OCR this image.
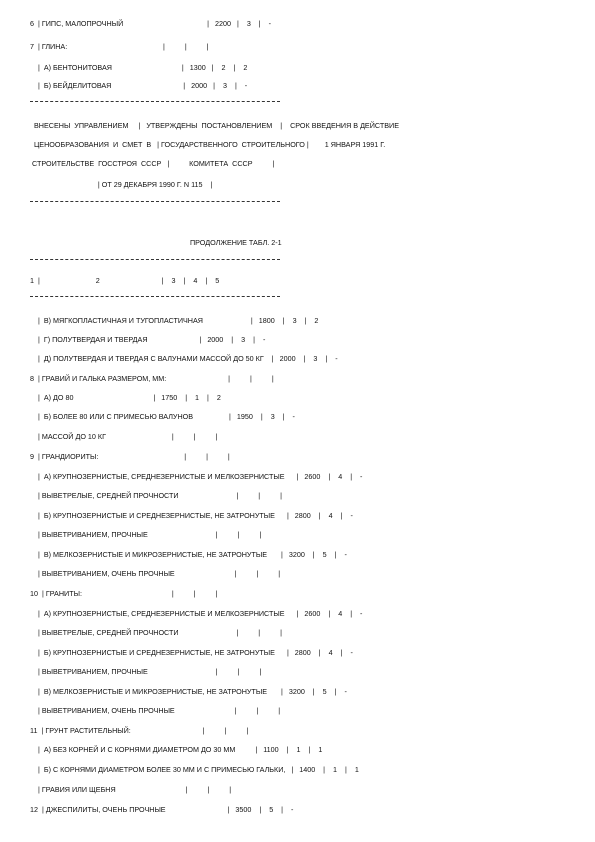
6  | ГИПС, МАЛОПРОЧНЫЙ                                          |   2200   |    3    |    -
7  | ГЛИНА:                                                |          |          |
|  А) БЕНТОНИТОВАЯ                                   |   1300   |    2    |    2
|  Б) БЕЙДЕЛИТОВАЯ                                    |   2000   |    3    |    -
ВНЕСЕНЫ  УПРАВЛЕНИЕМ     |   УТВЕРЖДЕНЫ  ПОСТАНОВЛЕНИЕМ    |    СРОК ВВЕДЕНИЯ В ДЕЙСТВИЕ
ЦЕНООБРАЗОВАНИЯ  И  СМЕТ  В   | ГОСУДАРСТВЕННОГО  СТРОИТЕЛЬНОГО |        1 ЯНВАРЯ 1991 Г.
СТРОИТЕЛЬСТВЕ  ГОССТРОЯ  СССР   |          КОМИТЕТА  СССР          |
| ОТ 29 ДЕКАБРЯ 1990 Г. N 115    |
ПРОДОЛЖЕНИЕ ТАБЛ. 2-1
1  |                            2                               |    3    |    4    |    5
|  В) МЯГКОПЛАСТИЧНАЯ И ТУГОПЛАСТИЧНАЯ                        |   1800    |    3    |    2
|  Г) ПОЛУТВЕРДАЯ И ТВЕРДАЯ                          |   2000    |    3    |    -
|  Д) ПОЛУТВЕРДАЯ И ТВЕРДАЯ С ВАЛУНАМИ МАССОЙ ДО 50 КГ    |   2000    |    3    |    -
8  | ГРАВИЙ И ГАЛЬКА РАЗМЕРОМ, ММ:                               |          |          |
|  А) ДО 80                                        |   1750    |    1    |    2
|  Б) БОЛЕЕ 80 ИЛИ С ПРИМЕСЬЮ ВАЛУНОВ                  |   1950    |    3    |    -
| МАССОЙ ДО 10 КГ                                 |          |          |
9  | ГРАНДИОРИТЫ:                                           |          |          |
|  А) КРУПНОЗЕРНИСТЫЕ, СРЕДНЕЗЕРНИСТЫЕ И МЕЛКОЗЕРНИСТЫЕ      |   2600    |    4    |    -
| ВЫВЕТРЕЛЫЕ, СРЕДНЕЙ ПРОЧНОСТИ                             |          |          |
|  Б) КРУПНОЗЕРНИСТЫЕ И СРЕДНЕЗЕРНИСТЫЕ, НЕ ЗАТРОНУТЫЕ      |   2800    |    4    |    -
| ВЫВЕТРИВАНИЕМ, ПРОЧНЫЕ                                  |          |          |
|  В) МЕЛКОЗЕРНИСТЫЕ И МИКРОЗЕРНИСТЫЕ, НЕ ЗАТРОНУТЫЕ       |   3200    |    5    |    -
| ВЫВЕТРИВАНИЕМ, ОЧЕНЬ ПРОЧНЫЕ                              |          |          |
10  | ГРАНИТЫ:                                             |          |          |
|  А) КРУПНОЗЕРНИСТЫЕ, СРЕДНЕЗЕРНИСТЫЕ И МЕЛКОЗЕРНИСТЫЕ      |   2600    |    4    |    -
| ВЫВЕТРЕЛЫЕ, СРЕДНЕЙ ПРОЧНОСТИ                             |          |          |
|  Б) КРУПНОЗЕРНИСТЫЕ И СРЕДНЕЗЕРНИСТЫЕ, НЕ ЗАТРОНУТЫЕ      |   2800    |    4    |    -
| ВЫВЕТРИВАНИЕМ, ПРОЧНЫЕ                                  |          |          |
|  В) МЕЛКОЗЕРНИСТЫЕ И МИКРОЗЕРНИСТЫЕ, НЕ ЗАТРОНУТЫЕ       |   3200    |    5    |    -
| ВЫВЕТРИВАНИЕМ, ОЧЕНЬ ПРОЧНЫЕ                              |          |          |
11  | ГРУНТ РАСТИТЕЛЬНЫЙ:                                    |          |          |
|  А) БЕЗ КОРНЕЙ И С КОРНЯМИ ДИАМЕТРОМ ДО 30 ММ          |   1100    |    1    |    1
|  Б) С КОРНЯМИ ДИАМЕТРОМ БОЛЕЕ 30 ММ И С ПРИМЕСЬЮ ГАЛЬКИ,   |   1400    |    1    |    1
| ГРАВИЯ ИЛИ ЩЕБНЯ                                   |          |          |
12  | ДЖЕСПИЛИТЫ, ОЧЕНЬ ПРОЧНЫЕ                               |   3500    |    5    |    -
